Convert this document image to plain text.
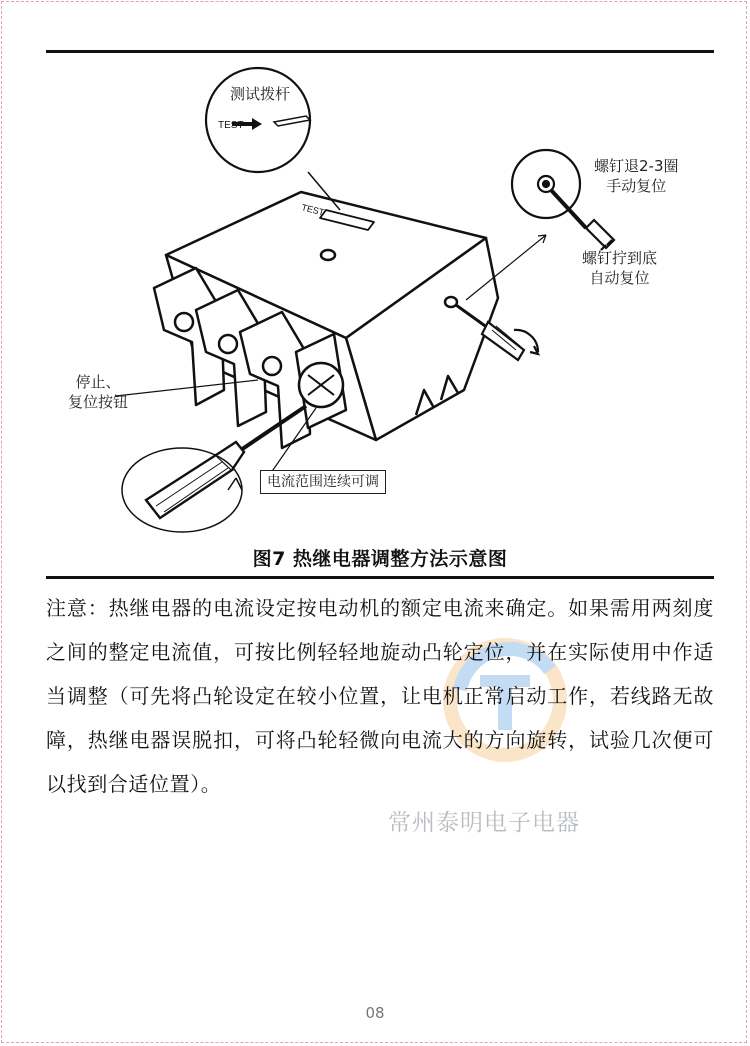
TEST
TEST
测试拨杆
螺钉退2-3圈
手动复位
螺钉拧到底
自动复位
停止、
复位按钮
电流范围连续可调
图7 热继电器调整方法示意图

注意：热继电器的电流设定按电动机的额定电流来确定。如果需用两刻度之间的整定电流值，可按比例轻轻地旋动凸轮定位，并在实际使用中作适当调整（可先将凸轮设定在较小位置，让电机正常启动工作，若线路无故障，热继电器误脱扣，可将凸轮轻微向电流大的方向旋转，试验几次便可以找到合适位置）。

常州泰明电子电器
08
